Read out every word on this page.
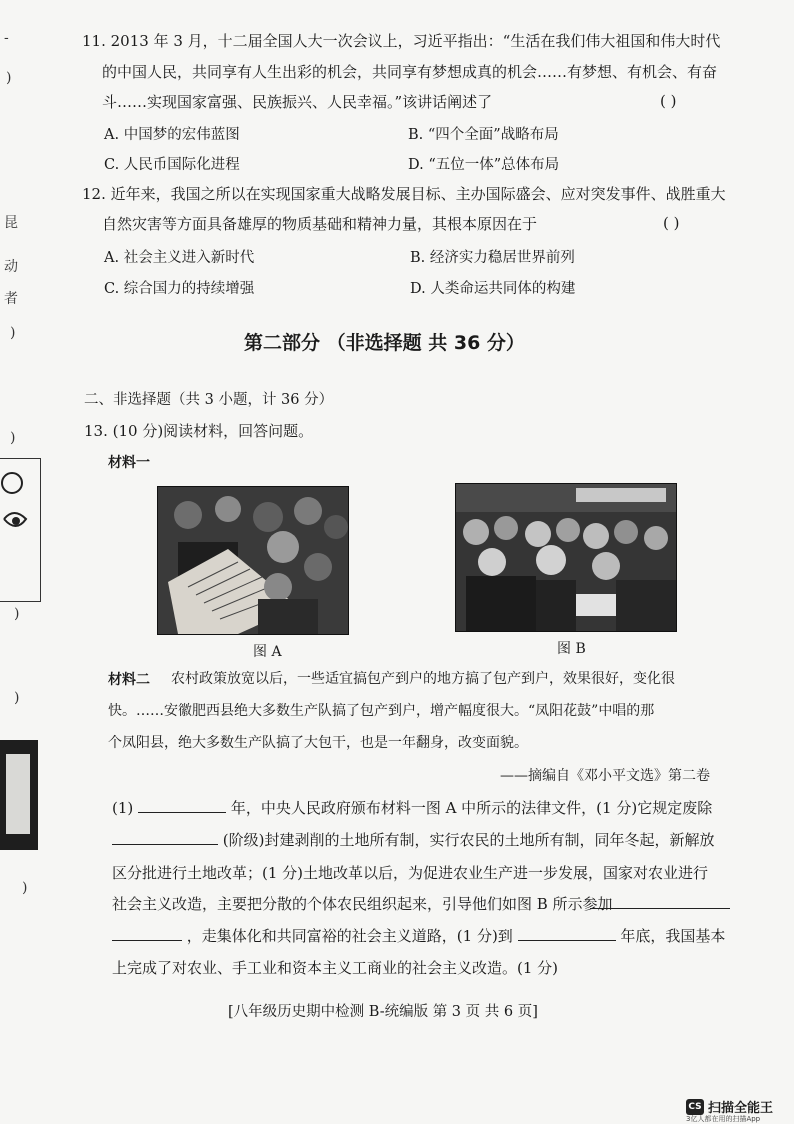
-
)
昆
动
者
)
)
)
)
)
11. 2013 年 3 月，十二届全国人大一次会议上，习近平指出：“生活在我们伟大祖国和伟大时代
的中国人民，共同享有人生出彩的机会，共同享有梦想成真的机会……有梦想、有机会、有奋
斗……实现国家富强、民族振兴、人民幸福。”该讲话阐述了	( )
A. 中国梦的宏伟蓝图	B. “四个全面”战略布局
C. 人民币国际化进程	D. “五位一体”总体布局
12. 近年来，我国之所以在实现国家重大战略发展目标、主办国际盛会、应对突发事件、战胜重大
自然灾害等方面具备雄厚的物质基础和精神力量，其根本原因在于	( )
A. 社会主义进入新时代	B. 经济实力稳居世界前列
C. 综合国力的持续增强	D. 人类命运共同体的构建
第二部分 （非选择题 共 36 分）
二、非选择题（共 3 小题，计 36 分）
13. (10 分)阅读材料，回答问题。
材料一
图 A	图 B
材料二 农村政策放宽以后，一些适宜搞包产到户的地方搞了包产到户，效果很好，变化很
快。……安徽肥西县绝大多数生产队搞了包产到户，增产幅度很大。“凤阳花鼓”中唱的那
个凤阳县，绝大多数生产队搞了大包干，也是一年翻身，改变面貌。
——摘编自《邓小平文选》第二卷
(1)	年，中央人民政府颁布材料一图 A 中所示的法律文件，(1 分)它规定废除
(阶级)封建剥削的土地所有制，实行农民的土地所有制，同年冬起，新解放
区分批进行土地改革；(1 分)土地改革以后，为促进农业生产进一步发展，国家对农业进行
社会主义改造，主要把分散的个体农民组织起来，引导他们如图 B 所示参加
，走集体化和共同富裕的社会主义道路，(1 分)到	年底，我国基本
上完成了对农业、手工业和资本主义工商业的社会主义改造。(1 分)
[八年级历史期中检测 B-统编版 第 3 页 共 6 页]
CS 扫描全能王
3亿人都在用的扫描App
